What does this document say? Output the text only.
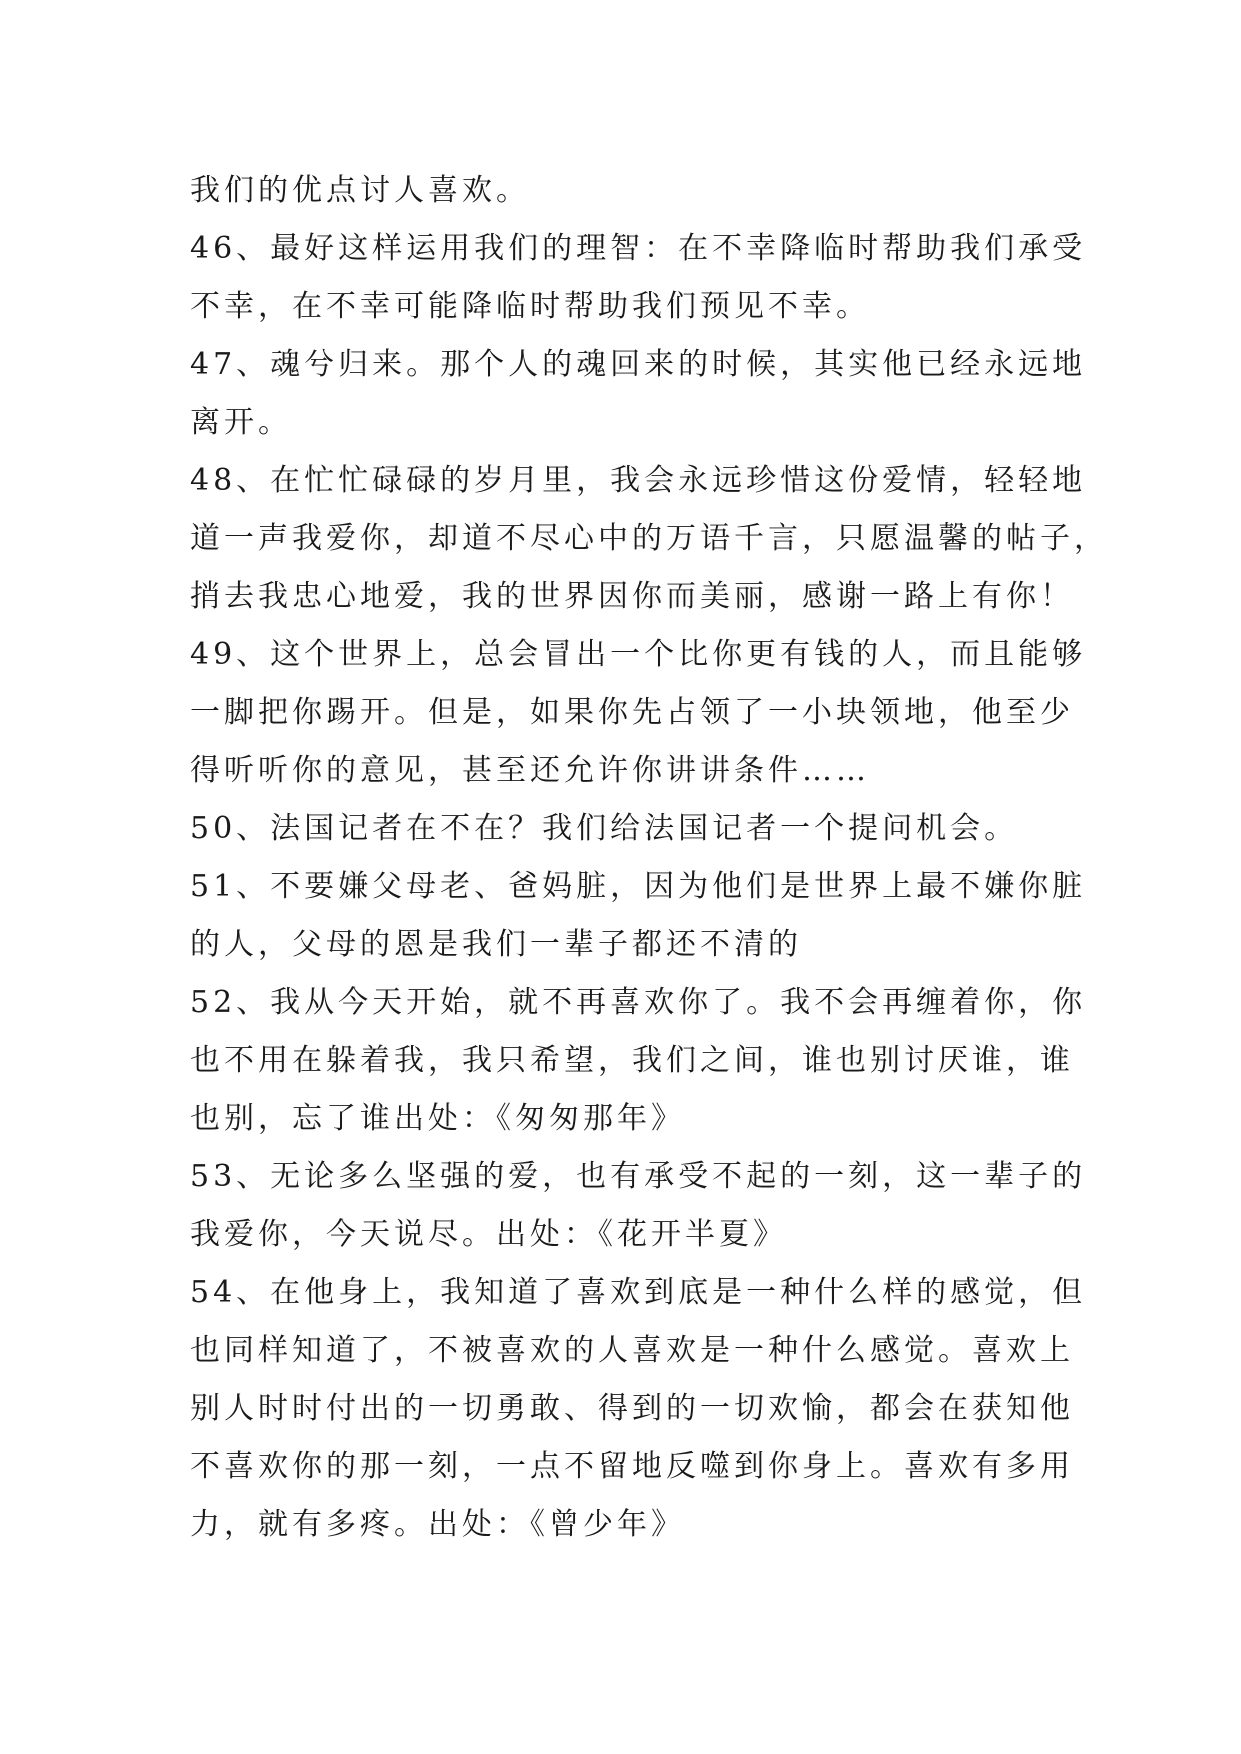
我们的优点讨人喜欢。
46、最好这样运用我们的理智：在不幸降临时帮助我们承受
不幸，在不幸可能降临时帮助我们预见不幸。
47、魂兮归来。那个人的魂回来的时候，其实他已经永远地
离开。
48、在忙忙碌碌的岁月里，我会永远珍惜这份爱情，轻轻地
道一声我爱你，却道不尽心中的万语千言，只愿温馨的帖子，
捎去我忠心地爱，我的世界因你而美丽，感谢一路上有你！
49、这个世界上，总会冒出一个比你更有钱的人，而且能够
一脚把你踢开。但是，如果你先占领了一小块领地，他至少
得听听你的意见，甚至还允许你讲讲条件……
50、法国记者在不在？我们给法国记者一个提问机会。
51、不要嫌父母老、爸妈脏，因为他们是世界上最不嫌你脏
的人，父母的恩是我们一辈子都还不清的
52、我从今天开始，就不再喜欢你了。我不会再缠着你，你
也不用在躲着我，我只希望，我们之间，谁也别讨厌谁，谁
也别，忘了谁出处：《匆匆那年》
53、无论多么坚强的爱，也有承受不起的一刻，这一辈子的
我爱你，今天说尽。出处：《花开半夏》
54、在他身上，我知道了喜欢到底是一种什么样的感觉，但
也同样知道了，不被喜欢的人喜欢是一种什么感觉。喜欢上
别人时时付出的一切勇敢、得到的一切欢愉，都会在获知他
不喜欢你的那一刻，一点不留地反噬到你身上。喜欢有多用
力，就有多疼。出处：《曾少年》
